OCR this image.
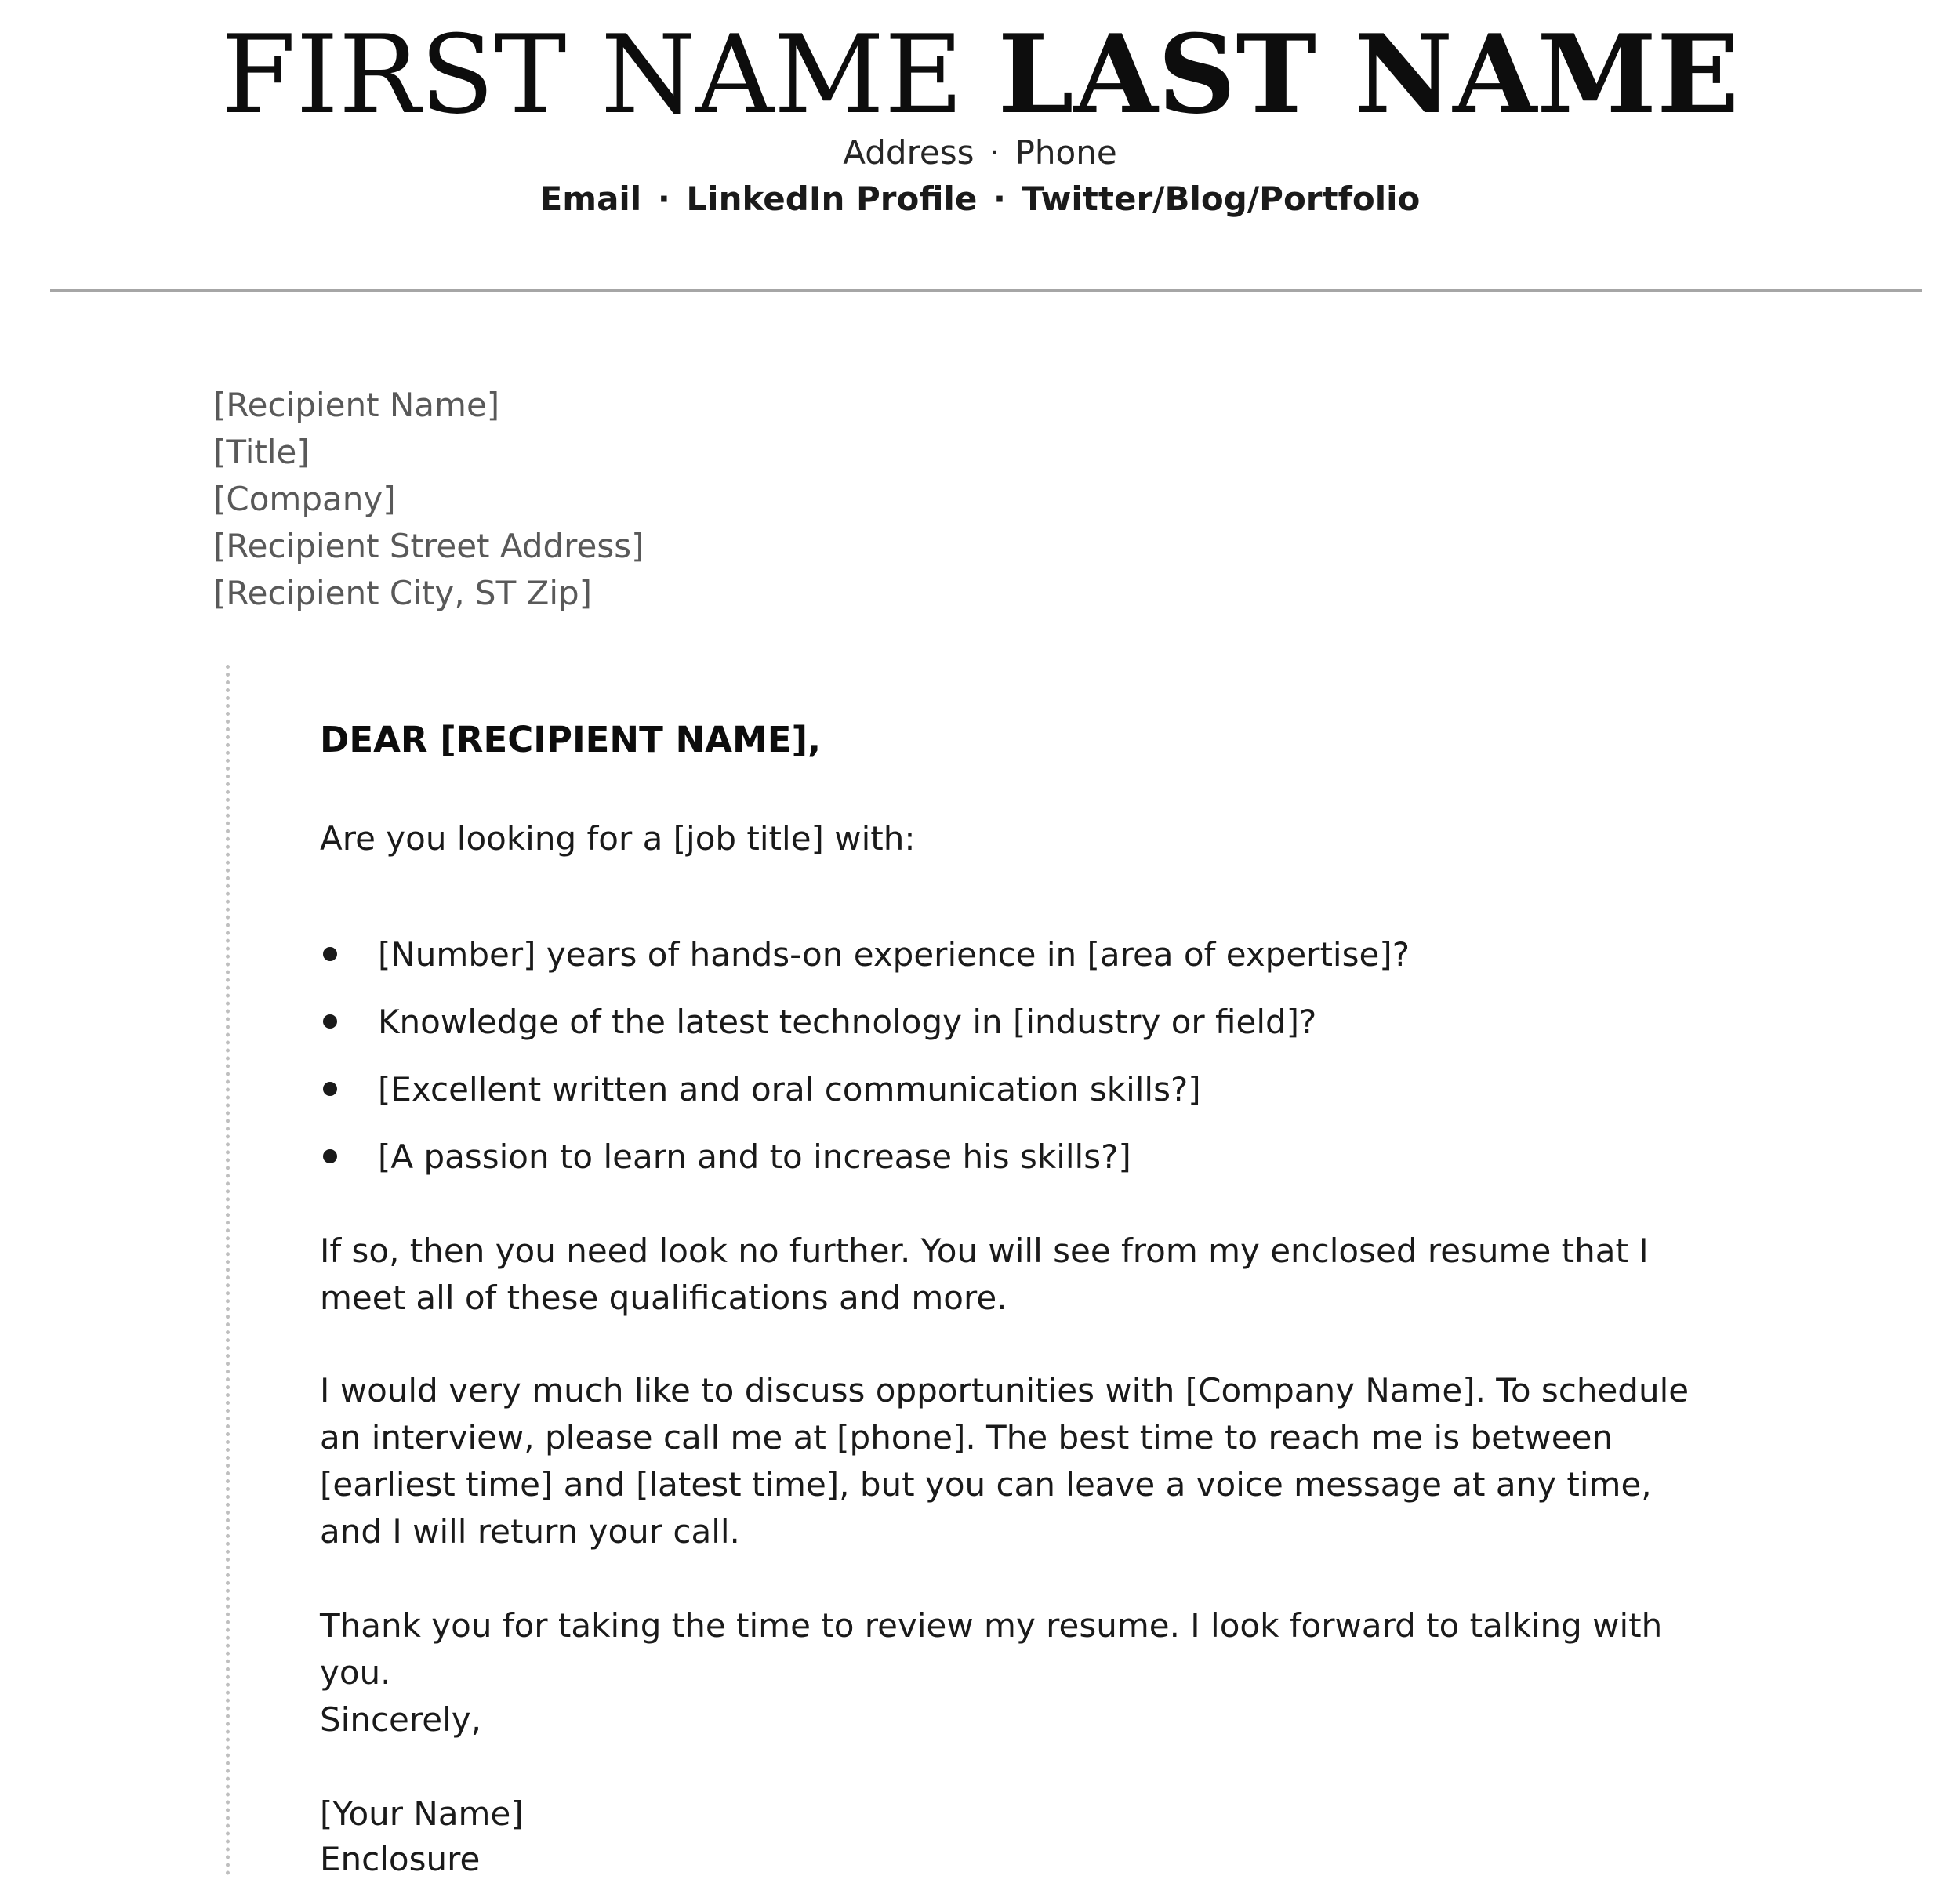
FIRST NAME LAST NAME
Address · Phone
Email · LinkedIn Profile · Twitter/Blog/Portfolio
[Recipient Name]
[Title]
[Company]
[Recipient Street Address]
[Recipient City, ST Zip]
DEAR [RECIPIENT NAME],
Are you looking for a [job title] with:
[Number] years of hands-on experience in [area of expertise]?
Knowledge of the latest technology in [industry or field]?
[Excellent written and oral communication skills?]
[A passion to learn and to increase his skills?]
If so, then you need look no further. You will see from my enclosed resume that I meet all of these qualifications and more.
I would very much like to discuss opportunities with [Company Name]. To schedule an interview, please call me at [phone]. The best time to reach me is between [earliest time] and [latest time], but you can leave a voice message at any time, and I will return your call.
Thank you for taking the time to review my resume. I look forward to talking with you.
Sincerely,
[Your Name]
Enclosure
